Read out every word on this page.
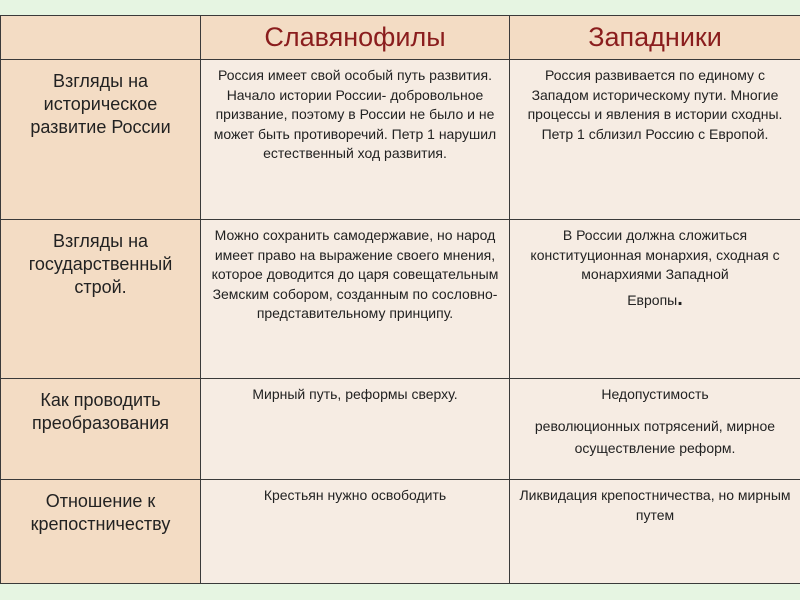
	Славянофилы	Западники

Взгляды на историческое развитие России	Россия имеет свой особый путь развития. Начало истории России- добровольное призвание, поэтому в России не было и не может быть противоречий. Петр 1 нарушил естественный ход развития.	Россия развивается по единому с Западом историческому пути. Многие процессы и явления в истории сходны. Петр 1 сблизил Россию с Европой.

Взгляды на государственный строй.	Можно сохранить самодержавие, но народ имеет право на выражение своего мнения, которое доводится до царя совещательным Земским собором, созданным по сословно-представительному принципу.	В России должна сложиться конституционная монархия, сходная с монархиями Западной
Европы.

Как проводить преобразования	Мирный путь, реформы сверху.	Недопустимость
революционных потрясений, мирное осуществление реформ.

Отношение к крепостничеству	Крестьян нужно освободить	Ликвидация крепостничества, но мирным путем
